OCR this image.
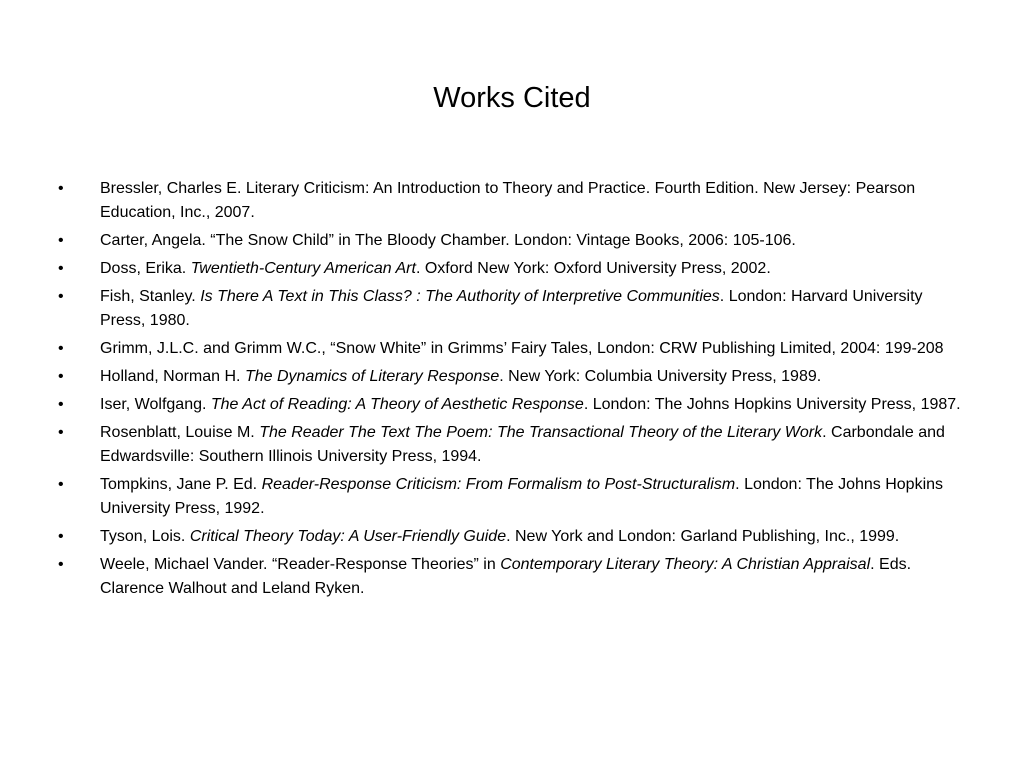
Works Cited
• Bressler, Charles E. Literary Criticism: An Introduction to Theory and Practice. Fourth Edition. New Jersey: Pearson Education, Inc., 2007.
• Carter, Angela. “The Snow Child” in The Bloody Chamber. London: Vintage Books, 2006: 105-106.
• Doss, Erika. Twentieth-Century American Art. Oxford New York: Oxford University Press, 2002.
• Fish, Stanley. Is There A Text in This Class? : The Authority of Interpretive Communities. London: Harvard University Press, 1980.
• Grimm, J.L.C. and Grimm W.C., “Snow White” in Grimms’ Fairy Tales, London: CRW Publishing Limited, 2004: 199-208
• Holland, Norman H. The Dynamics of Literary Response. New York: Columbia University Press, 1989.
• Iser, Wolfgang. The Act of Reading: A Theory of Aesthetic Response. London: The Johns Hopkins University Press, 1987.
• Rosenblatt, Louise M. The Reader The Text The Poem: The Transactional Theory of the Literary Work. Carbondale and Edwardsville: Southern Illinois University Press, 1994.
• Tompkins, Jane P. Ed. Reader-Response Criticism: From Formalism to Post-Structuralism. London: The Johns Hopkins University Press, 1992.
• Tyson, Lois. Critical Theory Today: A User-Friendly Guide. New York and London: Garland Publishing, Inc., 1999.
• Weele, Michael Vander. “Reader-Response Theories” in Contemporary Literary Theory: A Christian Appraisal. Eds. Clarence Walhout and Leland Ryken.
